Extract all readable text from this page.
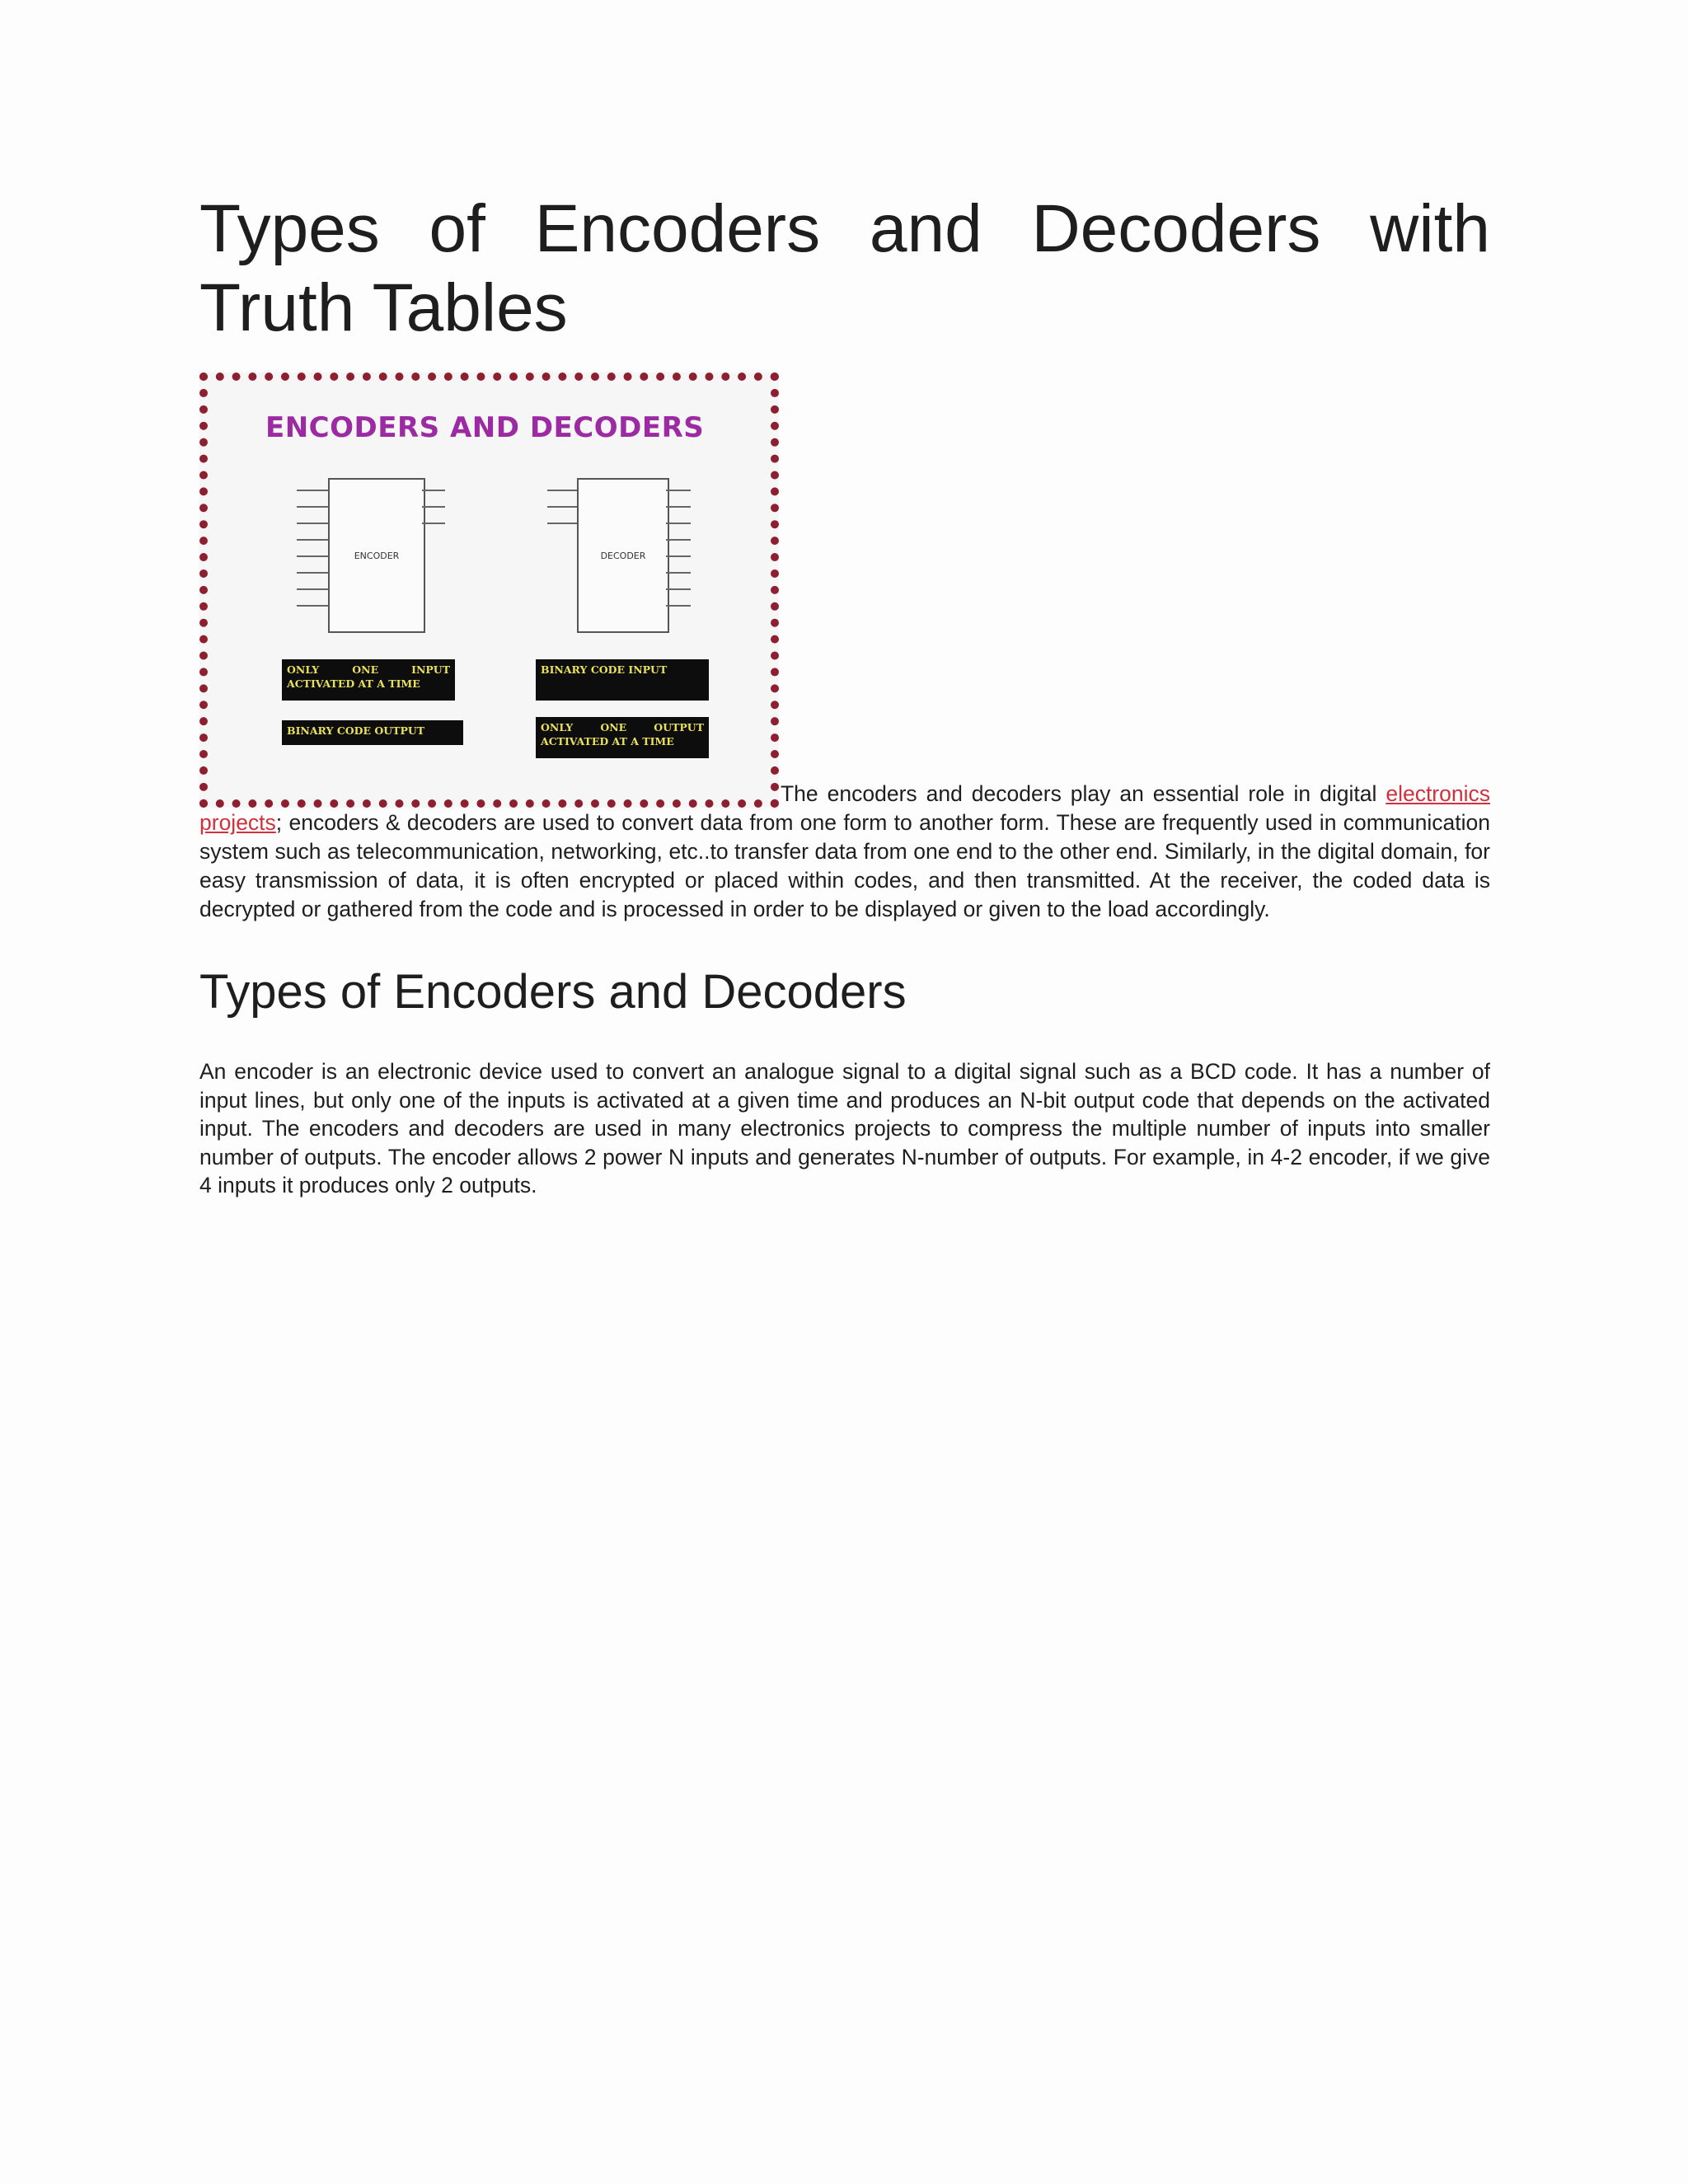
Types of Encoders and Decoders with Truth Tables
ENCODERS AND DECODERS
ENCODER	DECODER
ONLY ONE INPUT ACTIVATED AT A TIME
BINARY CODE OUTPUT
BINARY CODE INPUT
ONLY ONE OUTPUT ACTIVATED AT A TIME
The encoders and decoders play an essential role in digital electronics projects; encoders & decoders are used to convert data from one form to another form. These are frequently used in communication system such as telecommunication, networking, etc..to transfer data from one end to the other end. Similarly, in the digital domain, for easy transmission of data, it is often encrypted or placed within codes, and then transmitted. At the receiver, the coded data is decrypted or gathered from the code and is processed in order to be displayed or given to the load accordingly.
Types of Encoders and Decoders
An encoder is an electronic device used to convert an analogue signal to a digital signal such as a BCD code. It has a number of input lines, but only one of the inputs is activated at a given time and produces an N-bit output code that depends on the activated input. The encoders and decoders are used in many electronics projects to compress the multiple number of inputs into smaller number of outputs. The encoder allows 2 power N inputs and generates N-number of outputs. For example, in 4-2 encoder, if we give 4 inputs it produces only 2 outputs.
